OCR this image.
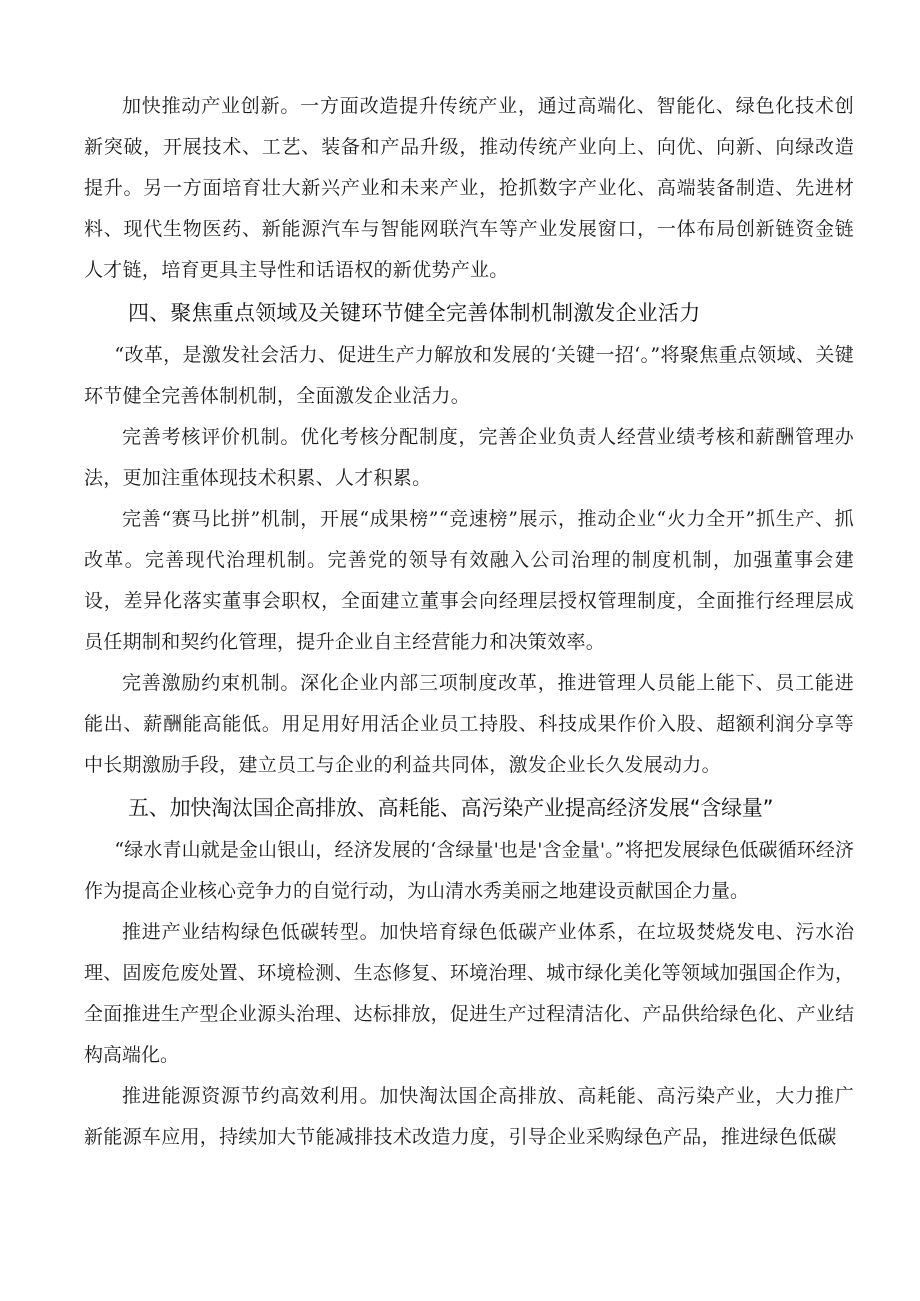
加快推动产业创新。一方面改造提升传统产业，通过高端化、智能化、绿色化技术创新突破，开展技术、工艺、装备和产品升级，推动传统产业向上、向优、向新、向绿改造提升。另一方面培育壮大新兴产业和未来产业，抢抓数字产业化、高端装备制造、先进材料、现代生物医药、新能源汽车与智能网联汽车等产业发展窗口，一体布局创新链资金链人才链，培育更具主导性和话语权的新优势产业。

四、聚焦重点领域及关键环节健全完善体制机制激发企业活力

“改革，是激发社会活力、促进生产力解放和发展的‘关键一招‘。”将聚焦重点领域、关键环节健全完善体制机制，全面激发企业活力。

完善考核评价机制。优化考核分配制度，完善企业负责人经营业绩考核和薪酬管理办法，更加注重体现技术积累、人才积累。

完善“赛马比拼”机制，开展“成果榜”“竞速榜”展示，推动企业“火力全开”抓生产、抓改革。完善现代治理机制。完善党的领导有效融入公司治理的制度机制，加强董事会建设，差异化落实董事会职权，全面建立董事会向经理层授权管理制度，全面推行经理层成员任期制和契约化管理，提升企业自主经营能力和决策效率。

完善激励约束机制。深化企业内部三项制度改革，推进管理人员能上能下、员工能进能出、薪酬能高能低。用足用好用活企业员工持股、科技成果作价入股、超额利润分享等中长期激励手段，建立员工与企业的利益共同体，激发企业长久发展动力。

五、加快淘汰国企高排放、高耗能、高污染产业提高经济发展“含绿量”

“绿水青山就是金山银山，经济发展的‘含绿量'也是'含金量'。”将把发展绿色低碳循环经济作为提高企业核心竞争力的自觉行动，为山清水秀美丽之地建设贡献国企力量。

推进产业结构绿色低碳转型。加快培育绿色低碳产业体系，在垃圾焚烧发电、污水治理、固废危废处置、环境检测、生态修复、环境治理、城市绿化美化等领域加强国企作为，全面推进生产型企业源头治理、达标排放，促进生产过程清洁化、产品供给绿色化、产业结构高端化。

推进能源资源节约高效利用。加快淘汰国企高排放、高耗能、高污染产业，大力推广新能源车应用，持续加大节能减排技术改造力度，引导企业采购绿色产品，推进绿色低碳
